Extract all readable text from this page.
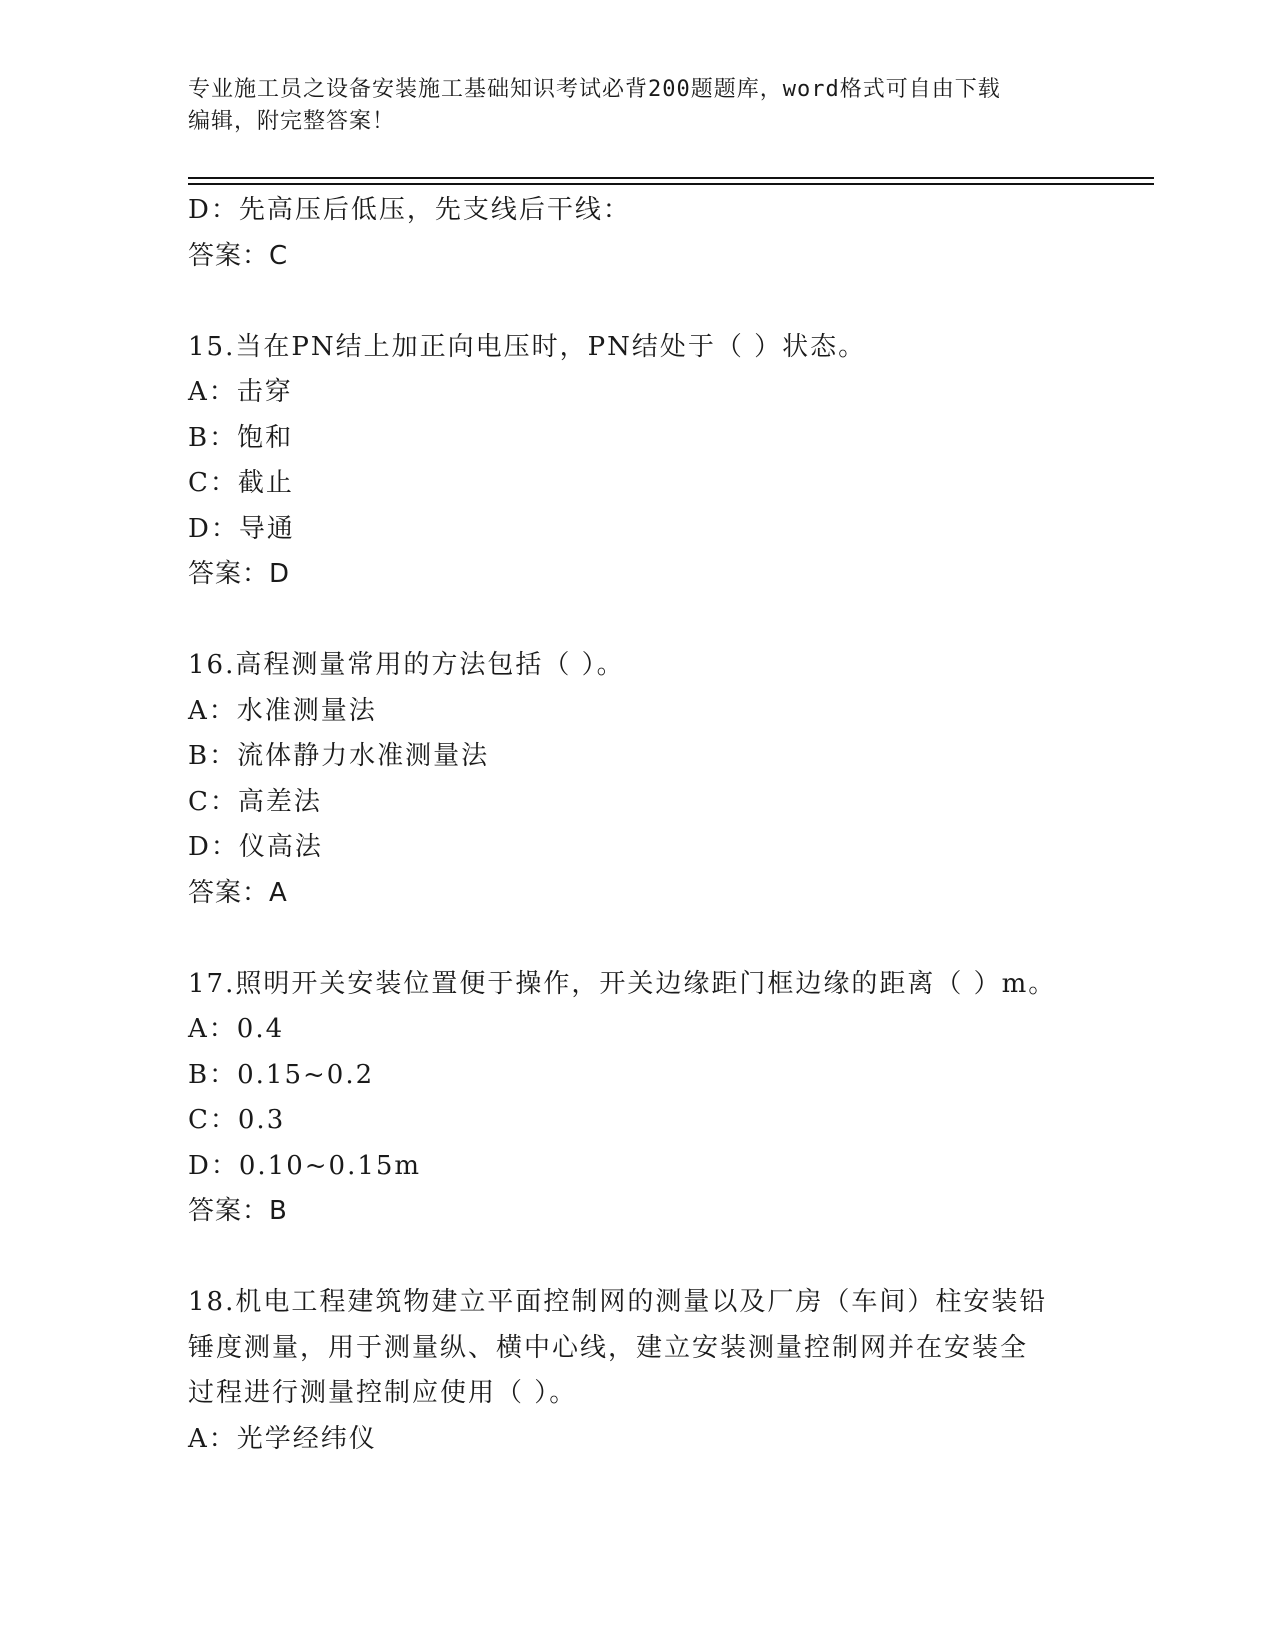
专业施工员之设备安装施工基础知识考试必背200题题库，word格式可自由下载
编辑，附完整答案！
D：先高压后低压，先支线后干线：
答案：C
15.当在PN结上加正向电压时，PN结处于（ ）状态。
A：击穿
B：饱和
C：截止
D：导通
答案：D
16.高程测量常用的方法包括（ ）。
A：水准测量法
B：流体静力水准测量法
C：高差法
D：仪高法
答案：A
17.照明开关安装位置便于操作，开关边缘距门框边缘的距离（ ）m。
A：0.4
B：0.15~0.2
C：0.3
D：0.10~0.15m
答案：B
18.机电工程建筑物建立平面控制网的测量以及厂房（车间）柱安装铅
锤度测量，用于测量纵、横中心线，建立安装测量控制网并在安装全
过程进行测量控制应使用（ ）。
A：光学经纬仪
